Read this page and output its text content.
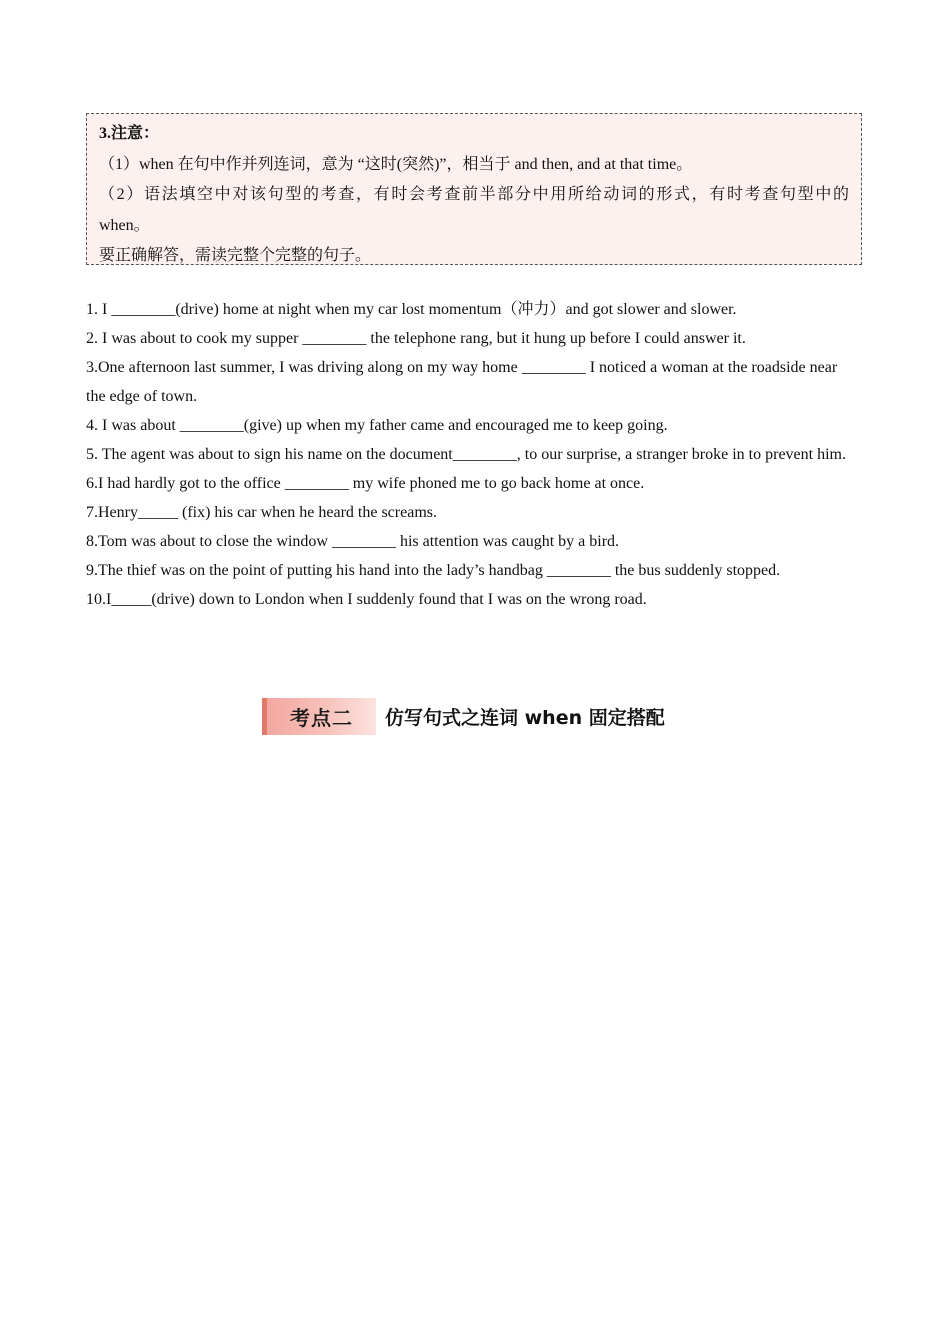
3.注意：
（1）when 在句中作并列连词，意为 “这时(突然)”，相当于 and then, and at that time。
（2）语法填空中对该句型的考查，有时会考查前半部分中用所给动词的形式，有时考查句型中的
when。
要正确解答，需读完整个完整的句子。

1. I ________(drive) home at night when my car lost momentum（冲力）and got slower and slower.

2. I was about to cook my supper ________ the telephone rang, but it hung up before I could answer it.

3.One afternoon last summer, I was driving along on my way home ________ I noticed a woman at the roadside near the edge of town.

4. I was about ________(give) up when my father came and encouraged me to keep going.

5. The agent was about to sign his name on the document________, to our surprise, a stranger broke in to prevent him.

6.I had hardly got to the office ________ my wife phoned me to go back home at once.

7.Henry_____ (fix) his car when he heard the screams.

8.Tom was about to close the window ________ his attention was caught by a bird.

9.The thief was on the point of putting his hand into the lady’s handbag ________ the bus suddenly stopped.

10.I_____(drive) down to London when I suddenly found that I was on the wrong road.

考点二	仿写句式之连词 when 固定搭配
